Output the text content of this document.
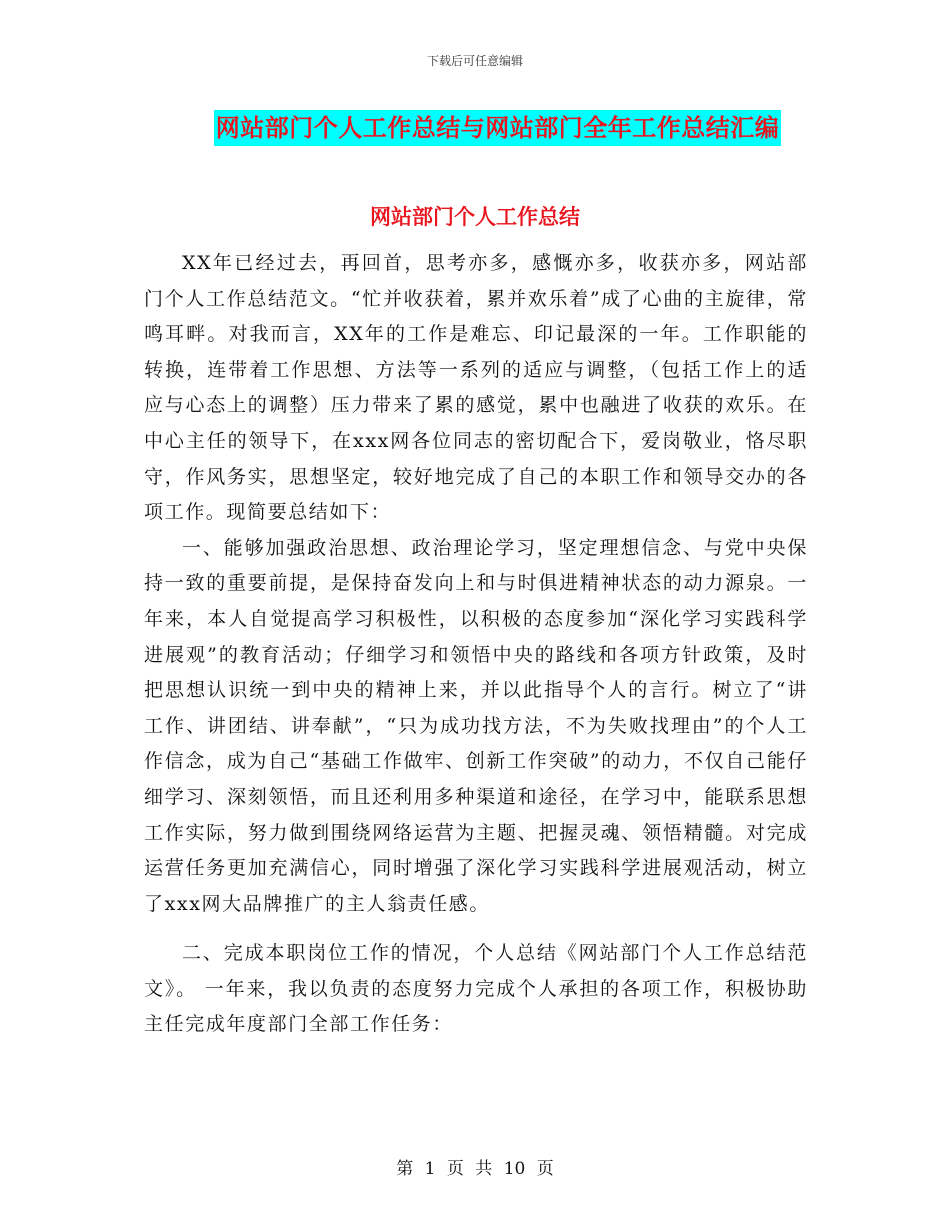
下载后可任意编辑
网站部门个人工作总结与网站部门全年工作总结汇编
网站部门个人工作总结

XX年已经过去，再回首，思考亦多，感慨亦多，收获亦多，网站部门个人工作总结范文。“忙并收获着，累并欢乐着”成了心曲的主旋律，常鸣耳畔。对我而言，XX年的工作是难忘、印记最深的一年。工作职能的转换，连带着工作思想、方法等一系列的适应与调整，（包括工作上的适应与心态上的调整）压力带来了累的感觉，累中也融进了收获的欢乐。在中心主任的领导下，在xxx网各位同志的密切配合下，爱岗敬业，恪尽职守，作风务实，思想坚定，较好地完成了自己的本职工作和领导交办的各项工作。现简要总结如下：

一、能够加强政治思想、政治理论学习，坚定理想信念、与党中央保持一致的重要前提，是保持奋发向上和与时俱进精神状态的动力源泉。一年来，本人自觉提高学习积极性，以积极的态度参加“深化学习实践科学进展观”的教育活动；仔细学习和领悟中央的路线和各项方针政策，及时把思想认识统一到中央的精神上来，并以此指导个人的言行。树立了“讲工作、讲团结、讲奉献”，“只为成功找方法，不为失败找理由”的个人工作信念，成为自己“基础工作做牢、创新工作突破”的动力，不仅自己能仔细学习、深刻领悟，而且还利用多种渠道和途径，在学习中，能联系思想工作实际，努力做到围绕网络运营为主题、把握灵魂、领悟精髓。对完成运营任务更加充满信心，同时增强了深化学习实践科学进展观活动，树立了xxx网大品牌推广的主人翁责任感。

二、完成本职岗位工作的情况，个人总结《网站部门个人工作总结范文》。 一年来，我以负责的态度努力完成个人承担的各项工作，积极协助主任完成年度部门全部工作任务：

第 1 页 共 10 页
